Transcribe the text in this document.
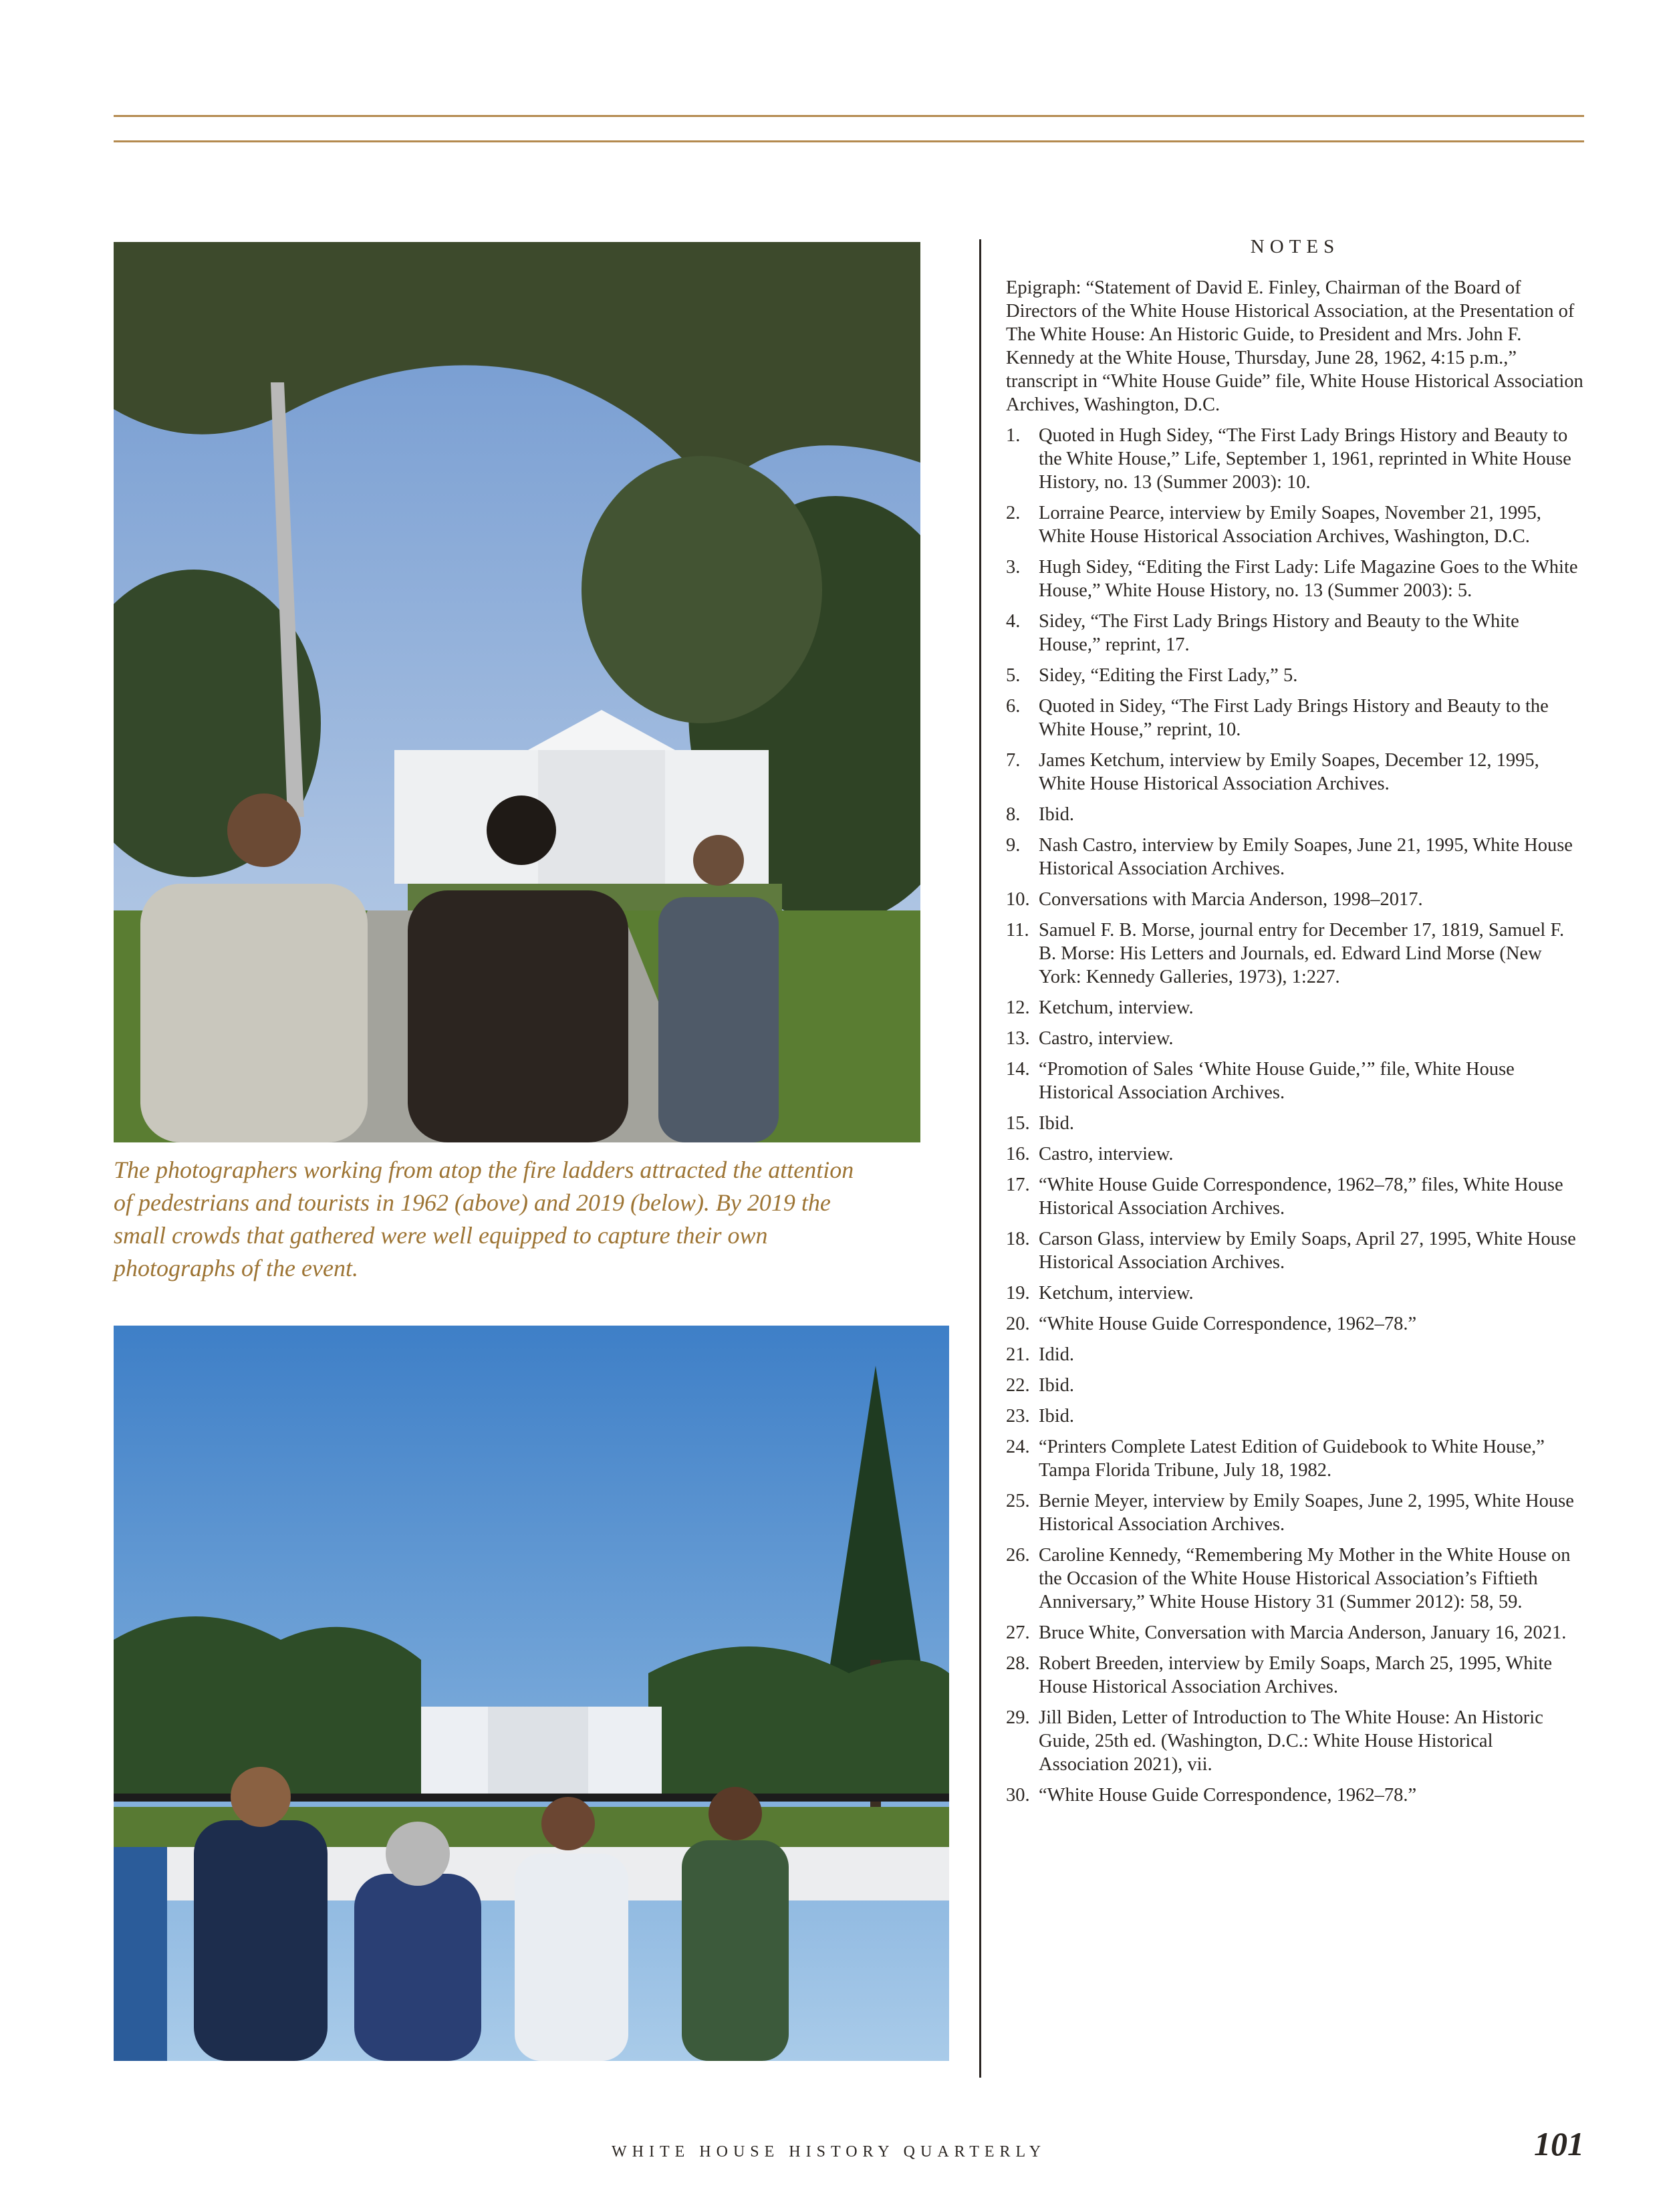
The photographers working from atop the fire ladders attracted the attention of pedestrians and tourists in 1962 (above) and 2019 (below). By 2019 the small crowds that gathered were well equipped to capture their own photographs of the event.
NOTES

Epigraph: “Statement of David E. Finley, Chairman of the Board of Directors of the White House Historical Association, at the Presentation of The White House: An Historic Guide, to President and Mrs. John F. Kennedy at the White House, Thursday, June 28, 1962, 4:15 p.m.,” transcript in “White House Guide” file, White House Historical Association Archives, Washington, D.C.

1. Quoted in Hugh Sidey, “The First Lady Brings History and Beauty to the White House,” Life, September 1, 1961, reprinted in White House History, no. 13 (Summer 2003): 10.
2. Lorraine Pearce, interview by Emily Soapes, November 21, 1995, White House Historical Association Archives, Washington, D.C.
3. Hugh Sidey, “Editing the First Lady: Life Magazine Goes to the White House,” White House History, no. 13 (Summer 2003): 5.
4. Sidey, “The First Lady Brings History and Beauty to the White House,” reprint, 17.
5. Sidey, “Editing the First Lady,” 5.
6. Quoted in Sidey, “The First Lady Brings History and Beauty to the White House,” reprint, 10.
7. James Ketchum, interview by Emily Soapes, December 12, 1995, White House Historical Association Archives.
8. Ibid.
9. Nash Castro, interview by Emily Soapes, June 21, 1995, White House Historical Association Archives.
10. Conversations with Marcia Anderson, 1998–2017.
11. Samuel F. B. Morse, journal entry for December 17, 1819, Samuel F. B. Morse: His Letters and Journals, ed. Edward Lind Morse (New York: Kennedy Galleries, 1973), 1:227.
12. Ketchum, interview.
13. Castro, interview.
14. “Promotion of Sales ‘White House Guide,’” file, White House Historical Association Archives.
15. Ibid.
16. Castro, interview.
17. “White House Guide Correspondence, 1962–78,” files, White House Historical Association Archives.
18. Carson Glass, interview by Emily Soaps, April 27, 1995, White House Historical Association Archives.
19. Ketchum, interview.
20. “White House Guide Correspondence, 1962–78.”
21. Idid.
22. Ibid.
23. Ibid.
24. “Printers Complete Latest Edition of Guidebook to White House,” Tampa Florida Tribune, July 18, 1982.
25. Bernie Meyer, interview by Emily Soapes, June 2, 1995, White House Historical Association Archives.
26. Caroline Kennedy, “Remembering My Mother in the White House on the Occasion of the White House Historical Association’s Fiftieth Anniversary,” White House History 31 (Summer 2012): 58, 59.
27. Bruce White, Conversation with Marcia Anderson, January 16, 2021.
28. Robert Breeden, interview by Emily Soaps, March 25, 1995, White House Historical Association Archives.
29. Jill Biden, Letter of Introduction to The White House: An Historic Guide, 25th ed. (Washington, D.C.: White House Historical Association 2021), vii.
30. “White House Guide Correspondence, 1962–78.”
WHITE HOUSE HISTORY QUARTERLY	101
